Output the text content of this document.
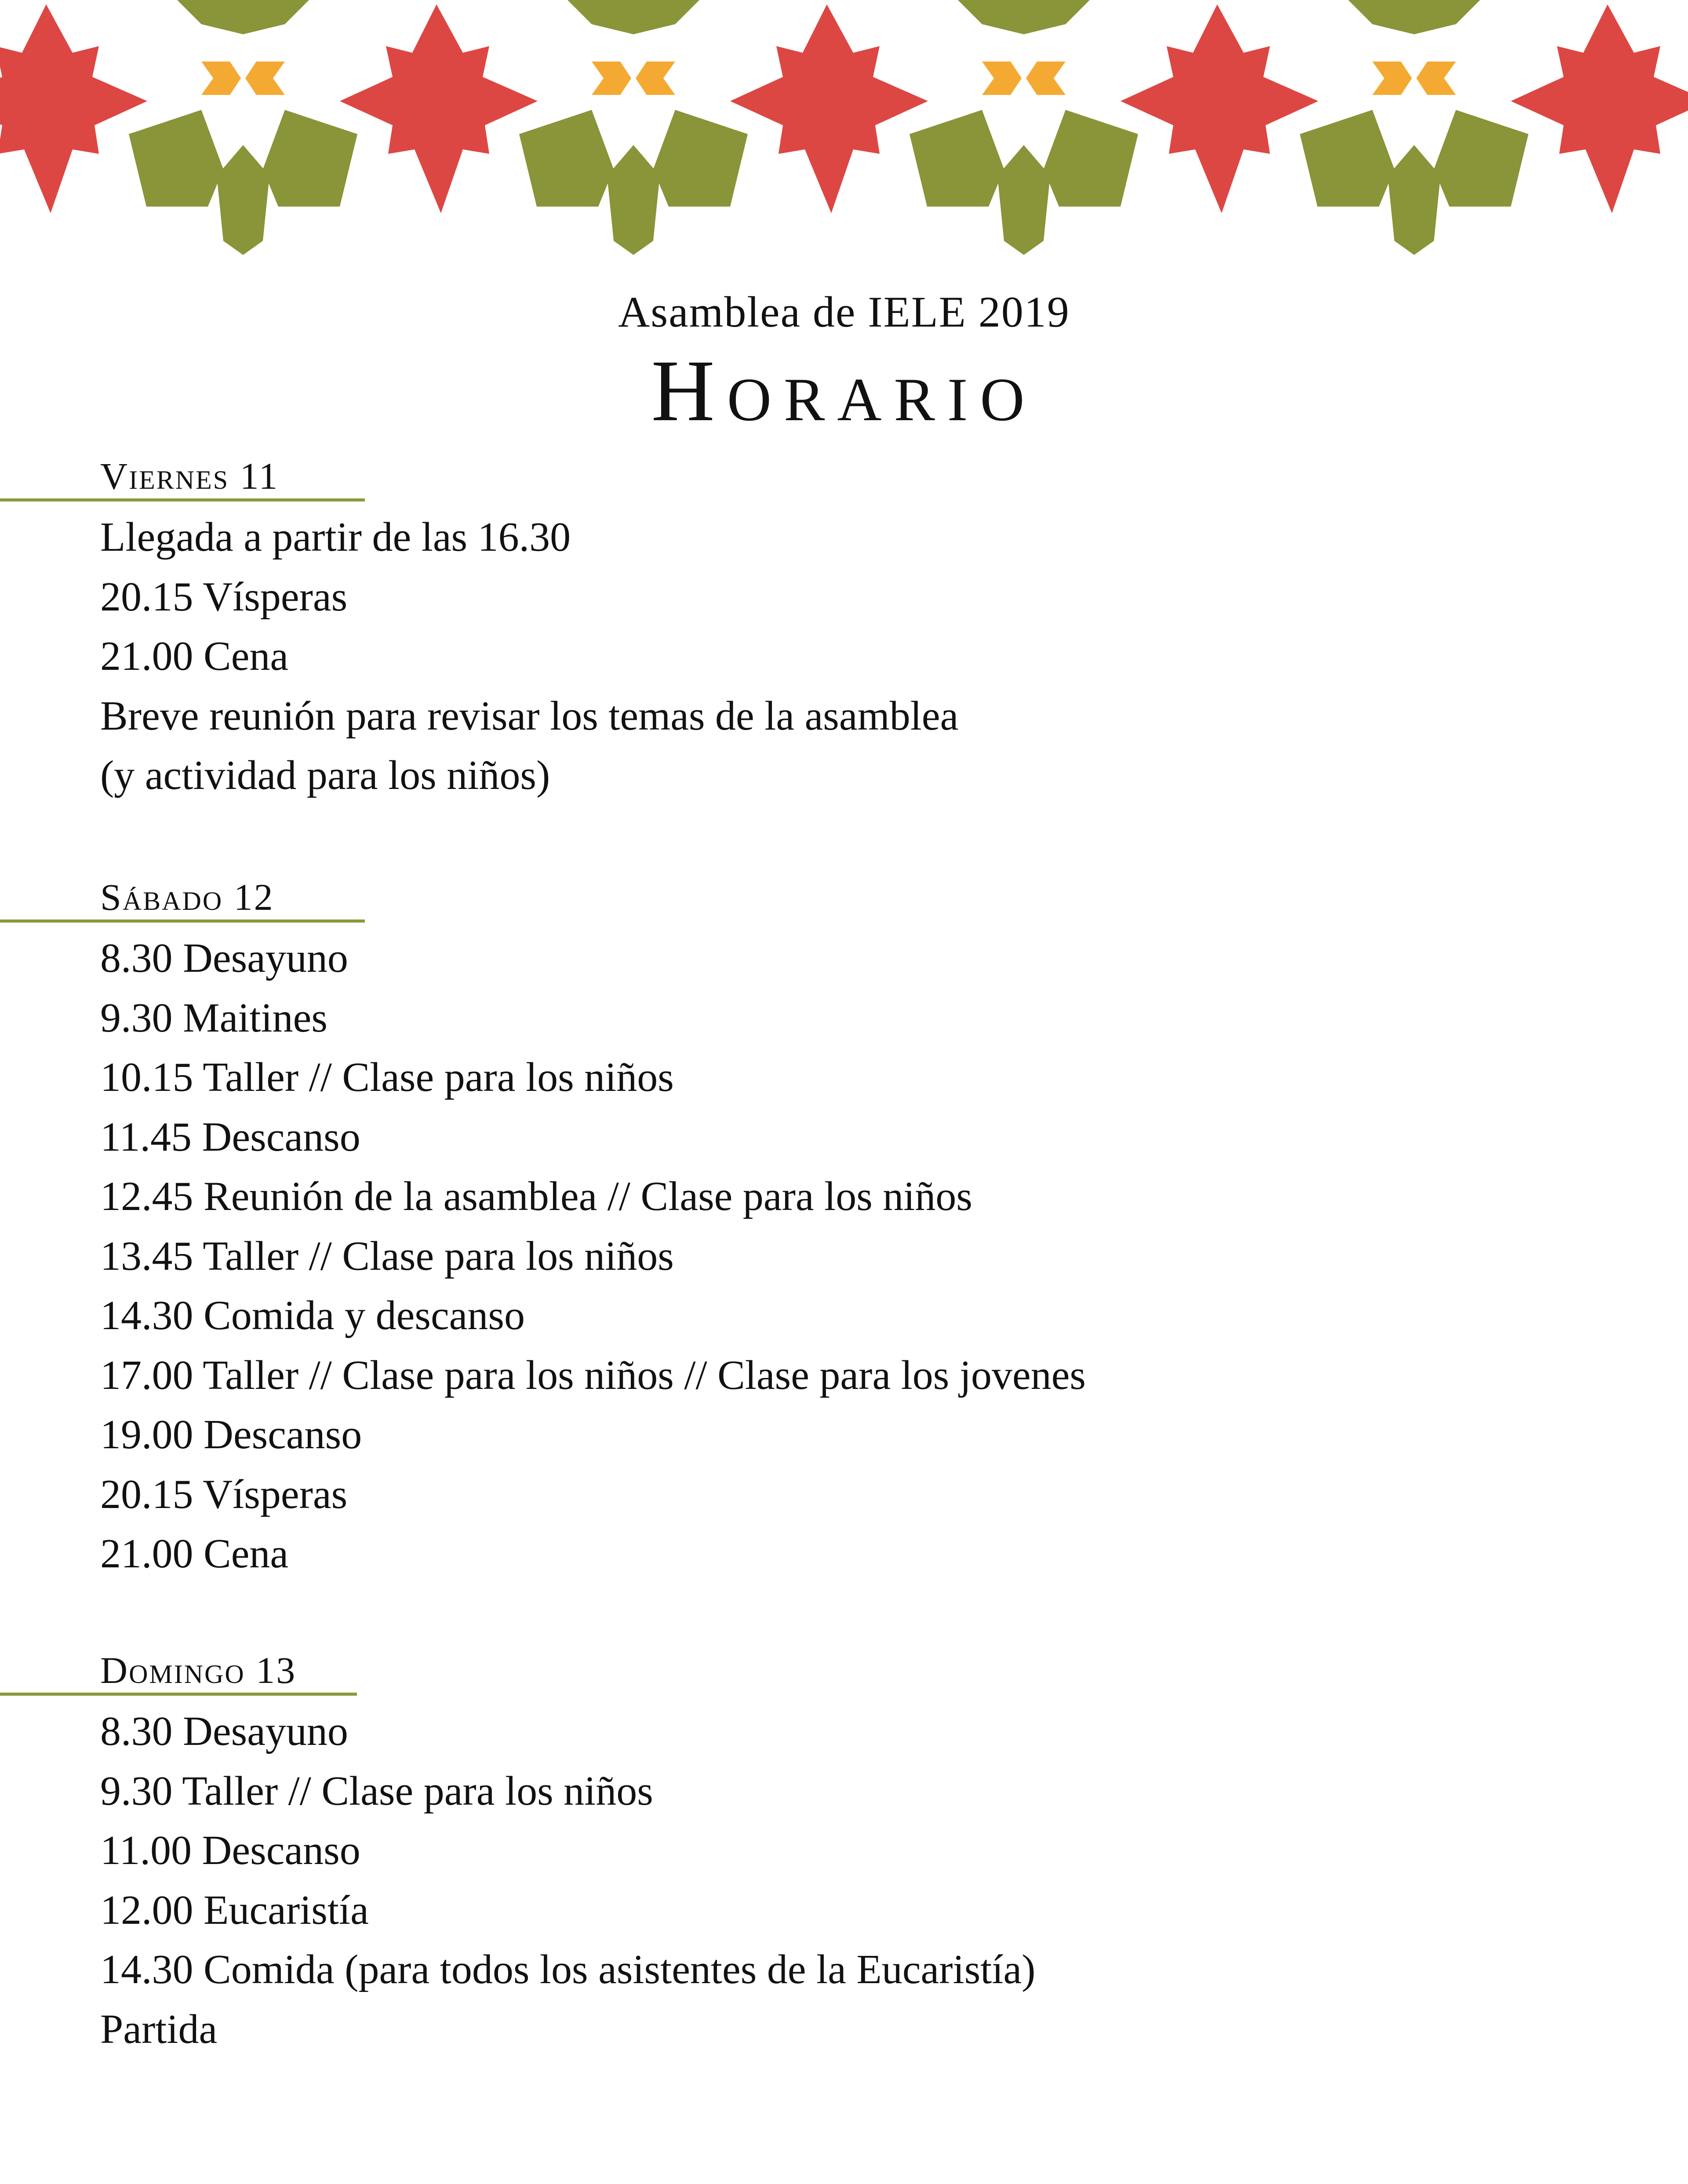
Asamblea de IELE 2019
Horario
Viernes 11
Llegada a partir de las 16.30
20.15 Vísperas
21.00 Cena
Breve reunión para revisar los temas de la asamblea
(y actividad para los niños)
Sábado 12
8.30 Desayuno
9.30 Maitines
10.15 Taller // Clase para los niños
11.45 Descanso
12.45 Reunión de la asamblea // Clase para los niños
13.45 Taller // Clase para los niños
14.30 Comida y descanso
17.00 Taller // Clase para los niños // Clase para los jovenes
19.00 Descanso
20.15 Vísperas
21.00 Cena
Domingo 13
8.30 Desayuno
9.30 Taller // Clase para los niños
11.00 Descanso
12.00 Eucaristía
14.30 Comida (para todos los asistentes de la Eucaristía)
Partida
